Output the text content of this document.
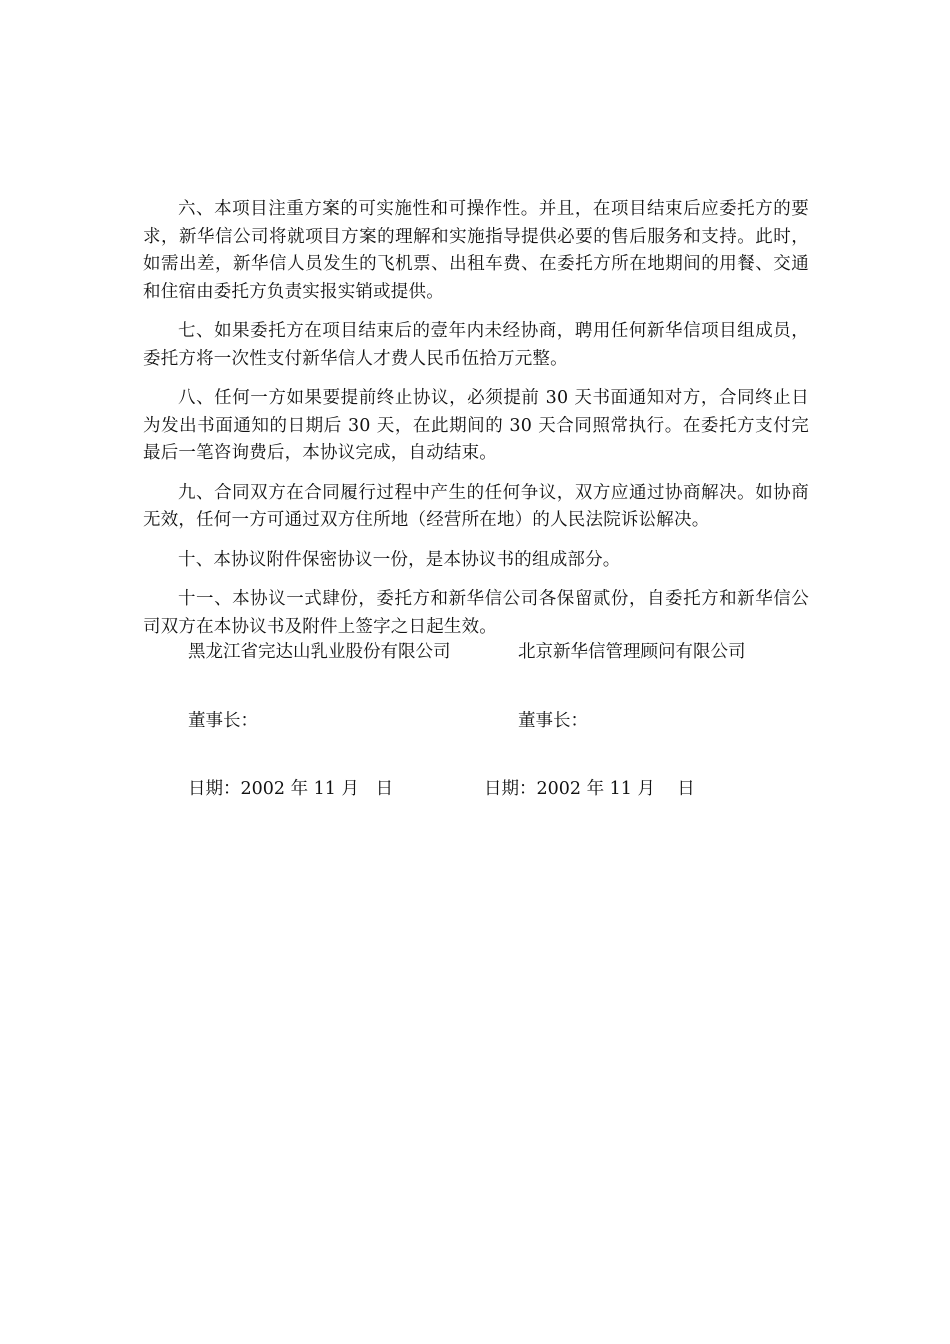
六、本项目注重方案的可实施性和可操作性。并且，在项目结束后应委托方的要求，新华信公司将就项目方案的理解和实施指导提供必要的售后服务和支持。此时，如需出差，新华信人员发生的飞机票、出租车费、在委托方所在地期间的用餐、交通和住宿由委托方负责实报实销或提供。

七、如果委托方在项目结束后的壹年内未经协商，聘用任何新华信项目组成员，委托方将一次性支付新华信人才费人民币伍拾万元整。

八、任何一方如果要提前终止协议，必须提前 30 天书面通知对方，合同终止日为发出书面通知的日期后 30 天，在此期间的 30 天合同照常执行。在委托方支付完最后一笔咨询费后，本协议完成，自动结束。

九、合同双方在合同履行过程中产生的任何争议，双方应通过协商解决。如协商无效，任何一方可通过双方住所地（经营所在地）的人民法院诉讼解决。

十、本协议附件保密协议一份，是本协议书的组成部分。

十一、本协议一式肆份，委托方和新华信公司各保留贰份，自委托方和新华信公司双方在本协议书及附件上签字之日起生效。

黑龙江省完达山乳业股份有限公司	北京新华信管理顾问有限公司
董事长：	董事长：
日期：2002 年 11 月   日	日期：2002 年 11 月    日
